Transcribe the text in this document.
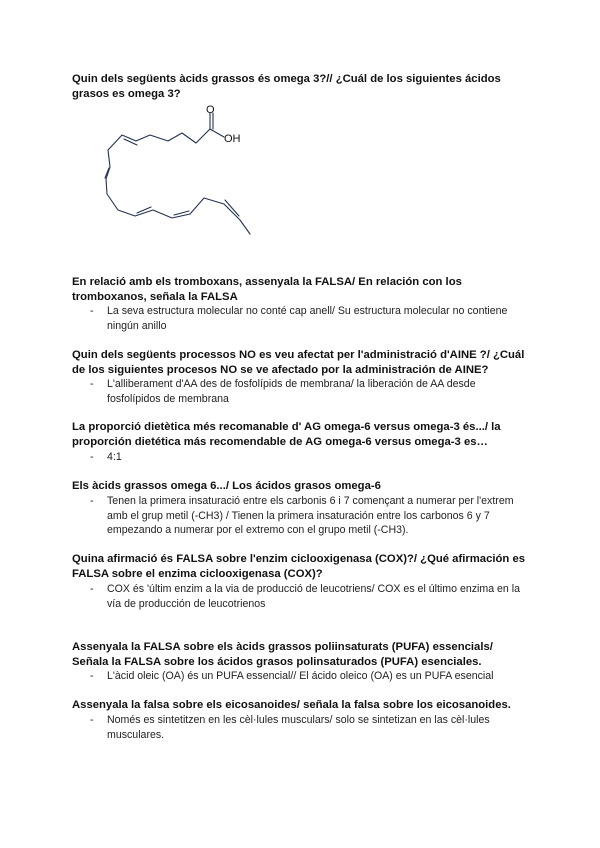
Quin dels següents àcids grassos és omega 3?// ¿Cuál de los siguientes ácidos grasos es omega 3?
O
OH
En relació amb els tromboxans, assenyala la FALSA/ En relación con los tromboxanos, señala la FALSA
- La seva estructura molecular no conté cap anell/ Su estructura molecular no contiene ningún anillo
Quin dels següents processos NO es veu afectat per l'administració d'AINE ?/ ¿Cuál de los siguientes procesos NO se ve afectado por la administración de AINE?
- L'alliberament d'AA des de fosfolípids de membrana/ la liberación de AA desde fosfolípidos de membrana
La proporció dietètica més recomanable d' AG omega-6 versus omega-3 és.../ la proporción dietética más recomendable de AG omega-6 versus omega-3 es…
- 4:1
Els àcids grassos omega 6.../ Los ácidos grasos omega-6
- Tenen la primera insaturació entre els carbonis 6 i 7 començant a numerar per l'extrem amb el grup metil (-CH3) / Tienen la primera insaturación entre los carbonos 6 y 7 empezando a numerar por el extremo con el grupo metil (-CH3).
Quina afirmació és FALSA sobre l'enzim ciclooxigenasa (COX)?/ ¿Qué afirmación es FALSA sobre el enzima ciclooxigenasa (COX)?
- COX és 'últim enzim a la via de producció de leucotriens/ COX es el último enzima en la vía de producción de leucotrienos
Assenyala la FALSA sobre els àcids grassos poliinsaturats (PUFA) essencials/ Señala la FALSA sobre los ácidos grasos polinsaturados (PUFA) esenciales.
- L'àcid oleic (OA) és un PUFA essencial// El ácido oleico (OA) es un PUFA esencial
Assenyala la falsa sobre els eicosanoides/ señala la falsa sobre los eicosanoides.
- Només es sintetitzen en les cèl·lules musculars/ solo se sintetizan en las cèl·lules musculares.
